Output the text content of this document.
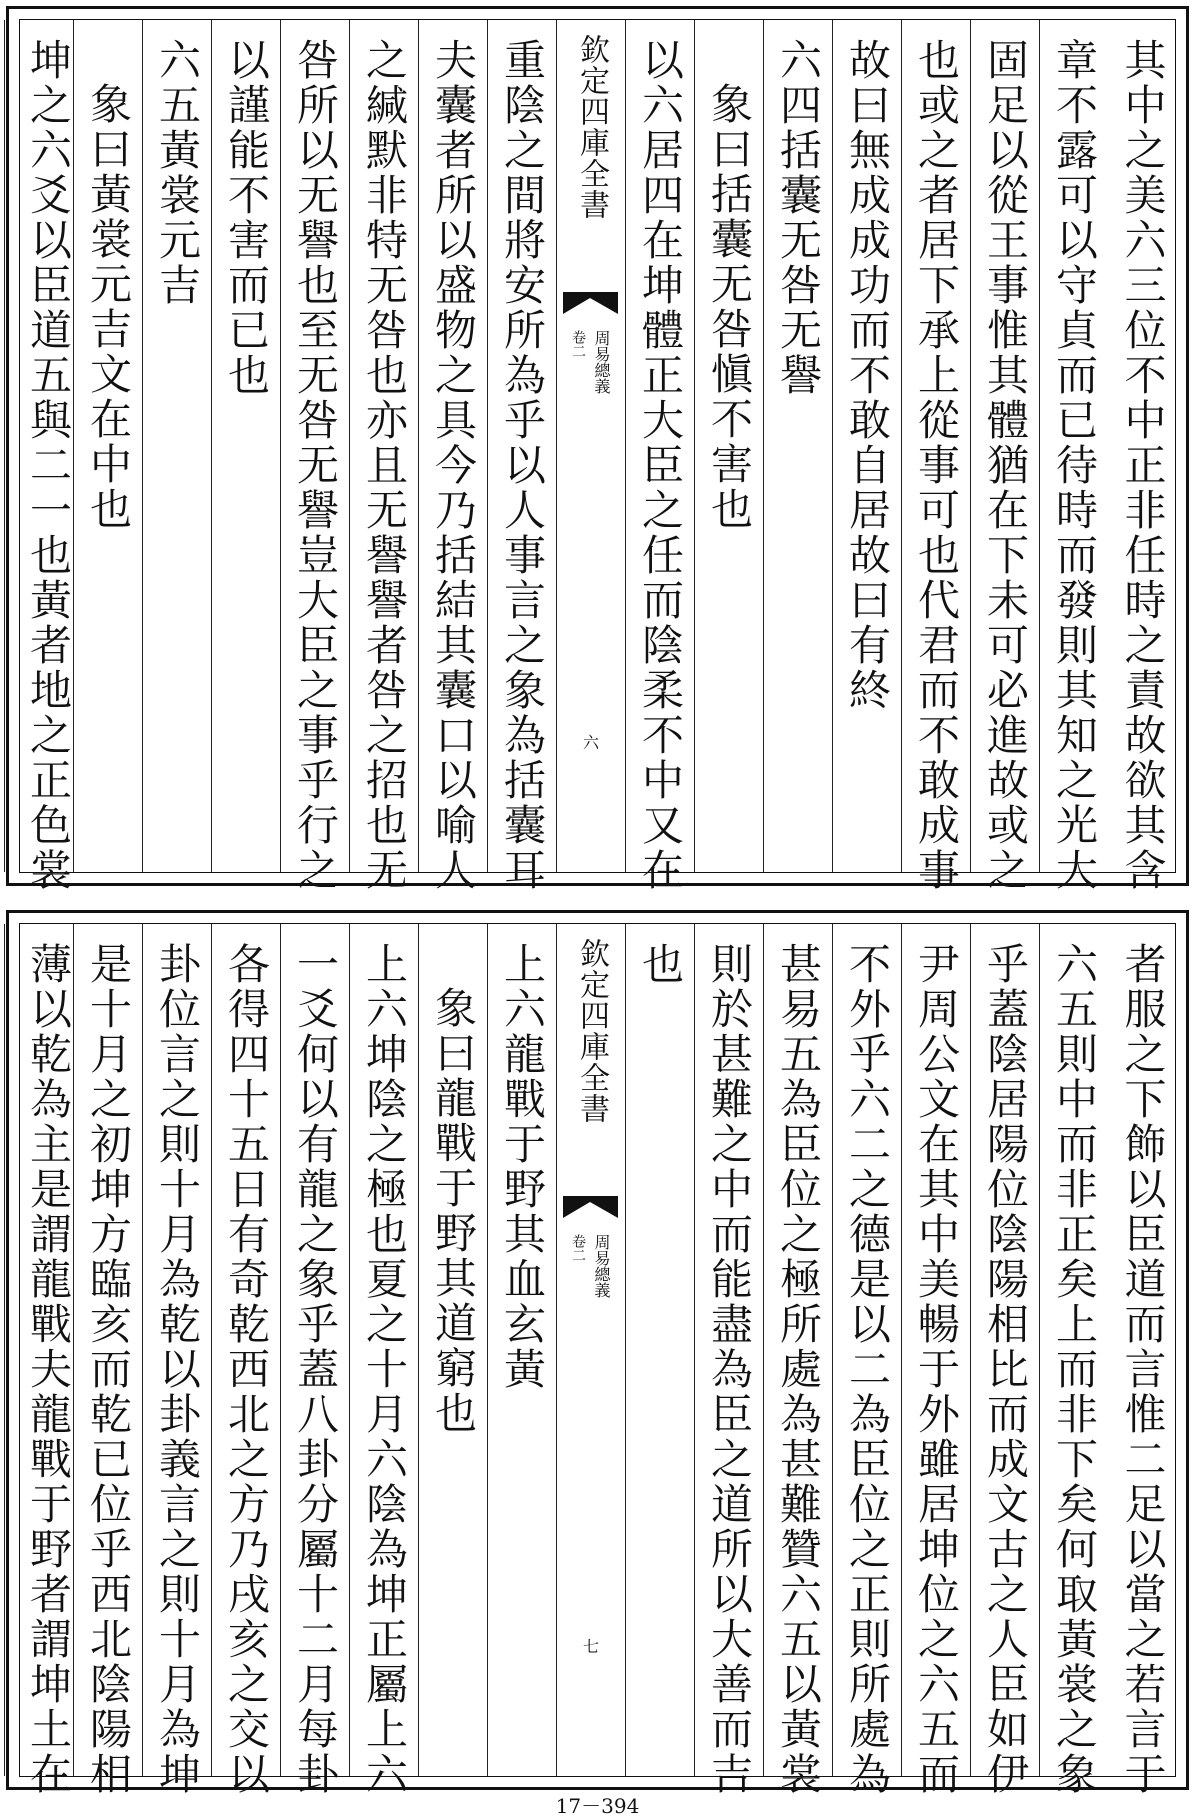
其中之美六三位不中正非任時之責故欲其含
章不露可以守貞而已待時而發則其知之光大
固足以從王事惟其體猶在下未可必進故或之
也或之者居下承上從事可也代君而不敢成事
故曰無成成功而不敢自居故曰有終
六四括囊无咎无譽
象曰括囊无咎愼不害也
以六居四在坤體正大臣之任而陰柔不中又在
欽定四庫全書
周易總義
卷二
六
重陰之間將安所為乎以人事言之象為括囊耳
夫囊者所以盛物之具今乃括結其囊口以喻人
之緘默非特无咎也亦且无譽譽者咎之招也无
咎所以无譽也至无咎无譽豈大臣之事乎行之
以謹能不害而已也
六五黃裳元吉
象曰黃裳元吉文在中也
坤之六爻以臣道五與二一也黃者地之正色裳
者服之下飾以臣道而言惟二足以當之若言于
六五則中而非正矣上而非下矣何取黃裳之象
乎蓋陰居陽位陰陽相比而成文古之人臣如伊
尹周公文在其中美暢于外雖居坤位之六五而
不外乎六二之德是以二為臣位之正則所處為
甚易五為臣位之極所處為甚難贊六五以黃裳
則於甚難之中而能盡為臣之道所以大善而吉
也
欽定四庫全書
周易總義
卷二
七
上六龍戰于野其血玄黃
象曰龍戰于野其道窮也
上六坤陰之極也夏之十月六陰為坤正屬上六
一爻何以有龍之象乎蓋八卦分屬十二月每卦
各得四十五日有奇乾西北之方乃戌亥之交以
卦位言之則十月為乾以卦義言之則十月為坤
是十月之初坤方臨亥而乾已位乎西北陰陽相
薄以乾為主是謂龍戰夫龍戰于野者謂坤土在
17－394
